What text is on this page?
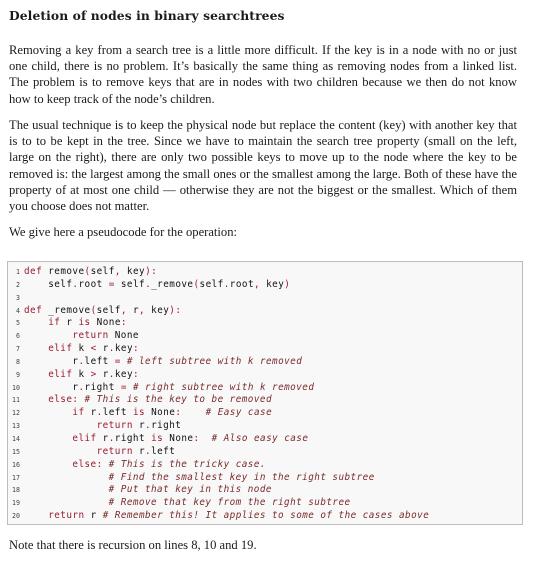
Deletion of nodes in binary searchtrees

Removing a key from a search tree is a little more difficult. If the key is in a node with no or just one child, there is no problem. It’s basically the same thing as removing nodes from a linked list. The problem is to remove keys that are in nodes with two children because we then do not know how to keep track of the node’s children.

The usual technique is to keep the physical node but replace the content (key) with another key that is to to be kept in the tree. Since we have to maintain the search tree property (small on the left, large on the right), there are only two possible keys to move up to the node where the key to be removed is: the largest among the small ones or the smallest among the large. Both of these have the property of at most one child — otherwise they are not the biggest or the smallest. Which of them you choose does not matter.

We give here a pseudocode for the operation:

1 def remove(self, key):
2	self.root = self._remove(self.root, key)
3
4 def _remove(self, r, key):
5	if r is None:
6	return None
7	elif k < r.key:
8	r.left = # left subtree with k removed
9	elif k > r.key:
10	r.right = # right subtree with k removed
11	else: # This is the key to be removed
12	if r.left is None:	# Easy case
13	return r.right
14	elif r.right is None: # Also easy case
15	return r.left
16	else: # This is the tricky case.
17	# Find the smallest key in the right subtree
18	# Put that key in this node
19	# Remove that key from the right subtree
20	return r # Remember this! It applies to some of the cases above

Note that there is recursion on lines 8, 10 and 19.
